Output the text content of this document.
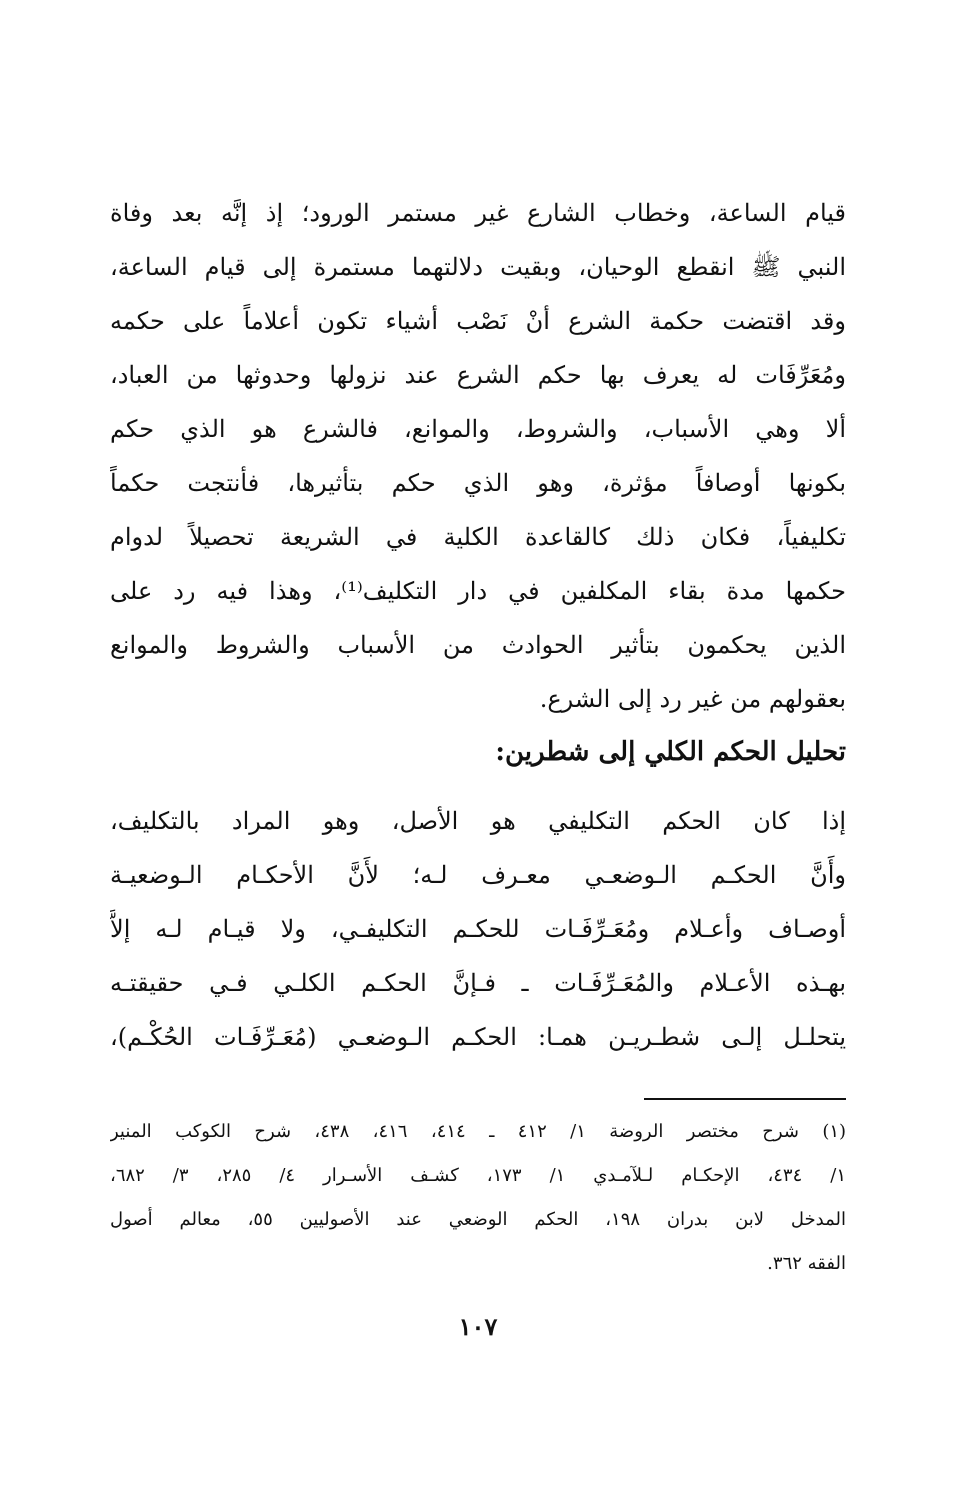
قيام الساعة، وخطاب الشارع غير مستمر الورود؛ إذ إنَّه بعد وفاة
النبي ﷺ انقطع الوحيان، وبقيت دلالتهما مستمرة إلى قيام الساعة،
وقد اقتضت حكمة الشرع أنْ نَصْب أشياء تكون أعلاماً على حكمه
ومُعَرِّفَات له يعرف بها حكم الشرع عند نزولها وحدوثها من العباد،
ألا وهي الأسباب، والشروط، والموانع، فالشرع هو الذي حكم
بكونها أوصافاً مؤثرة، وهو الذي حكم بتأثيرها، فأنتجت حكماً
تكليفياً، فكان ذلك كالقاعدة الكلية في الشريعة تحصيلاً لدوام
حكمها مدة بقاء المكلفين في دار التكليف⁽¹⁾، وهذا فيه رد على
الذين يحكمون بتأثير الحوادث من الأسباب والشروط والموانع
بعقولهم من غير رد إلى الشرع.
تحليل الحكم الكلي إلى شطرين:
إذا كان الحكم التكليفي هو الأصل، وهو المراد بالتكليف،
وأَنَّ الحكـم الـوضعـي معـرف لـه؛ لأَنَّ الأحكـام الـوضعيـة
أوصـاف وأعـلام ومُعَـرِّفَـات للحكـم التكليفـي، ولا قيـام لـه إلاَّ
بهـذه الأعـلام والمُعَـرِّفَـات ـ فـإنَّ الحكـم الكلـي فـي حقيقتـه
يتحلـل إلـى شطـريـن همـا: الحكـم الـوضعـي (مُعَـرِّفَـات الحُكْـم)،
(١) شرح مختصر الروضة ١/ ٤١٢ ـ ٤١٤، ٤١٦، ٤٣٨، شرح الكوكب المنير
١/ ٤٣٤، الإحكـام لـلآمـدي ١/ ١٧٣، كشـف الأسـرار ٤/ ٢٨٥، ٣/ ٦٨٢،
المدخل لابن بدران ١٩٨، الحكم الوضعي عند الأصوليين ٥٥، معالم أصول
الفقه ٣٦٢.
١٠٧
